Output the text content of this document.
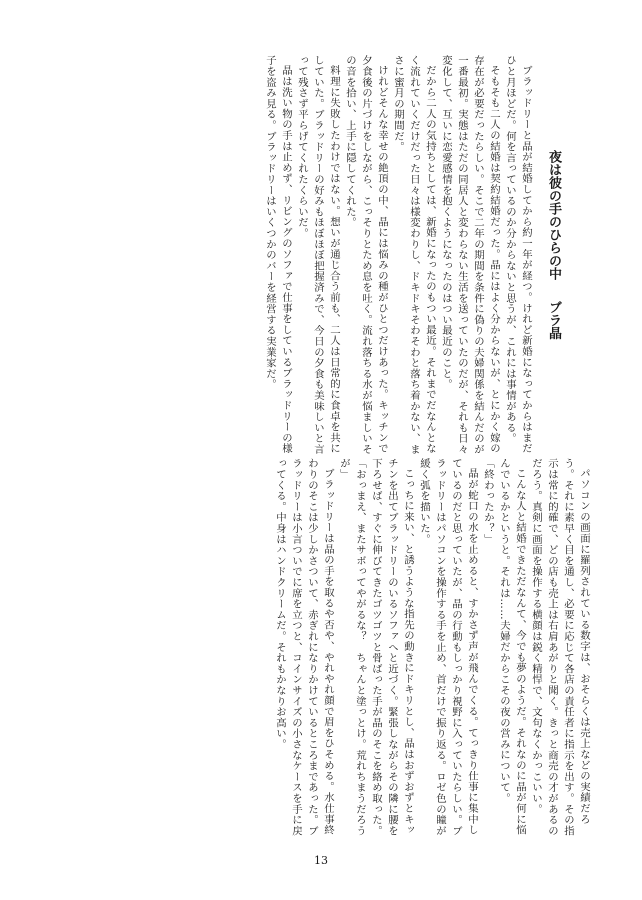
ブラッドリーと晶が結婚してから約一年が経つ。けれど新婚になってからはまだひと月ほどだ。何を言っているのか分からないと思うが、これには事情がある。

そもそも二人の結婚は契約結婚だった。晶にはよく分からないが、とにかく嫁の存在が必要だったらしい。そこで二年の期間を条件に偽りの夫婦関係を結んだのが一番最初。実態はただの同居人と変わらない生活を送っていたのだが、それも日々変化して、互いに恋愛感情を抱くようになったのはつい最近のこと。

だから二人の気持ちとしては、新婚になったのもつい最近。それまでだなんとなく流れていくだけだった日々は様変わりし、ドキドキそわそわと落ち着かない、まさに蜜月の期間だ。

けれどそんな幸せの絶頂の中、晶には悩みの種がひとつだけあった。キッチンで夕食後の片づけをしながら、こっそりとため息を吐く。流れ落ちる水が悩ましいその音を拾い、上手に隠してくれた。

料理に失敗したわけではない。想いが通じ合う前も、二人は日常的に食卓を共にしていた。ブラッドリーの好みもほぼほぼ把握済みで、今日の夕食も美味しいと言って残さず平らげてくれたくらいだ。

晶は洗い物の手は止めず、リビングのソファで仕事をしているブラッドリーの様子を盗み見る。ブラッドリーはいくつかのバーを経営する実業家だ。	夜は彼の手のひらの中ブラ晶

パソコンの画面に羅列されている数字は、おそらくは売上などの実績だろう。それに素早く目を通し、必要に応じて各店の責任者に指示を出す。その指示は常に的確で、どの店も売上は右肩あがりと聞く。きっと商売の才があるのだろう。真剣に画面を操作する横顔は鋭く精悍で、文句なくかっこいい。

こんな人と結婚できただなんて、今でも夢のようだ。それなのに晶が何に悩んでいるかというと。それは……夫婦だからこその夜の営みについて。

「終わったか？」

晶が蛇口の水を止めると、すかさず声が飛んでくる。てっきり仕事に集中しているのだと思っていたが、晶の行動もしっかり視野に入っていたらしい。ブラッドリーはパソコンを操作する手を止め、首だけで振り返る。ロゼ色の瞳が緩く弧を描いた。

こっちに来い、と誘うような指先の動きにドキリとし、晶はおずおずとキッチンを出てブラッドリーのいるソファへと近づく。緊張しながらその隣に腰を下ろせば、すぐに伸びてきたゴツゴツと骨ばった手が晶のそこを絡め取った。

「おっまえ、またサボってやがるな？　ちゃんと塗っとけ。荒れちまうだろうが」

ブラッドリーは晶の手を取るや否や、やれやれ顔で眉をひそめる。水仕事終わりのそこは少しかさついて、赤ぎれになりかけているところまであった。ブラッドリーは小言ついでに席を立つと、コインサイズの小さなケースを手に戻ってくる。中身はハンドクリームだ。それもかなりお高い。

13
